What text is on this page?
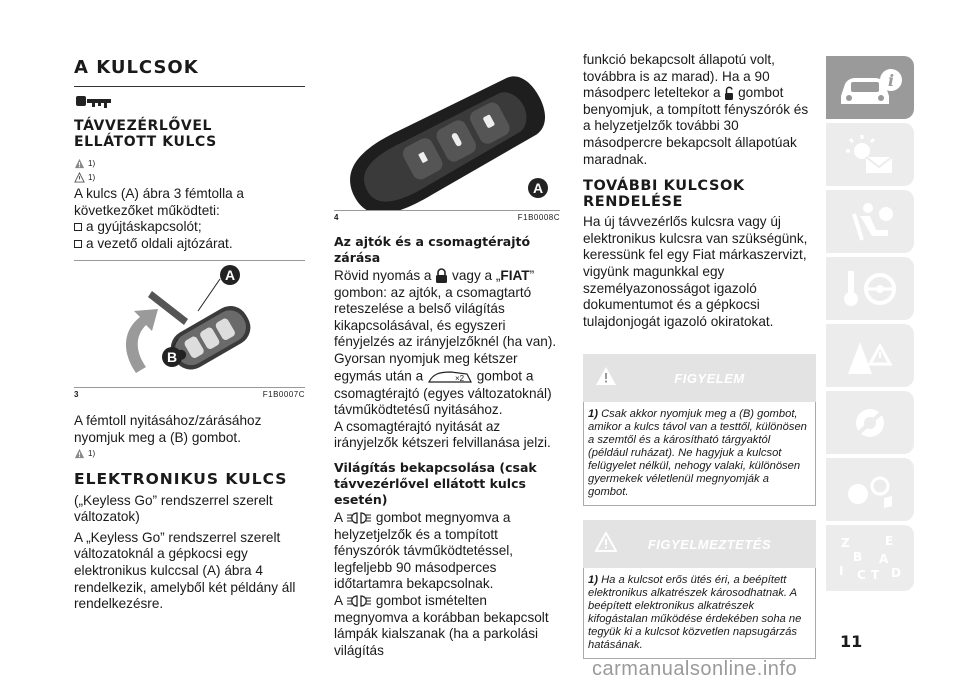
A KULCSOK
TÁVVEZÉRLŐVEL ELLÁTOTT KULCS
1)
1)
A kulcs (A) ábra 3 fémtolla a következőket működteti:
a gyújtáskapcsolót;
a vezető oldali ajtózárat.
A
B
3	F1B0007C
A fémtoll nyitásához/zárásához nyomjuk meg a (B) gombot.
1)
ELEKTRONIKUS KULCS
(„Keyless Go” rendszerrel szerelt változatok)
A „Keyless Go” rendszerrel szerelt változatoknál a gépkocsi egy elektronikus kulccsal (A) ábra 4 rendelkezik, amelyből két példány áll rendelkezésre.
A
4	F1B0008C
Az ajtók és a csomagtérajtó zárása
Rövid nyomás a vagy a „FIAT” gombon: az ajtók, a csomagtartó reteszelése a belső világítás kikapcsolásával, és egyszeri fényjelzés az irányjelzőknél (ha van).
Gyorsan nyomjuk meg kétszer egymás után a	×2 gombot a csomagtérajtó (egyes változatoknál) távműködtetésű nyitásához.
A csomagtérajtó nyitását az irányjelzők kétszeri felvillanása jelzi.
Világítás bekapcsolása (csak távvezérlővel ellátott kulcs esetén)
A gombot megnyomva a helyzetjelzők és a tompított fényszórók távműködtetéssel, legfeljebb 90 másodperces időtartamra bekapcsolnak.
A gombot ismételten megnyomva a korábban bekapcsolt lámpák kialszanak (ha a parkolási világítás
funkció bekapcsolt állapotú volt, továbbra is az marad). Ha a 90 másodperc leteltekor a gombot benyomjuk, a tompított fényszórók és a helyzetjelzők további 30 másodpercre bekapcsolt állapotúak maradnak.
TOVÁBBI KULCSOK RENDELÉSE
Ha új távvezérlős kulcsra vagy új elektronikus kulcsra van szükségünk, keressünk fel egy Fiat márkaszervizt, vigyünk magunkkal egy személyazonosságot igazoló dokumentumot és a gépkocsi tulajdonjogát igazoló okiratokat.
FIGYELEM
1) Csak akkor nyomjuk meg a (B) gombot, amikor a kulcs távol van a testtől, különösen a szemtől és a károsítható tárgyaktól (például ruházat). Ne hagyjuk a kulcsot felügyelet nélkül, nehogy valaki, különösen gyermekek véletlenül megnyomják a gombot.
FIGYELMEZTETÉS
1) Ha a kulcsot erős ütés éri, a beépített elektronikus alkatrészek károsodhatnak. A beépített elektronikus alkatrészek kifogástalan működése érdekében soha ne tegyük ki a kulcsot közvetlen napsugárzás hatásának.
i
Z	E
B A
I C T D
11
carmanualsonline.info
